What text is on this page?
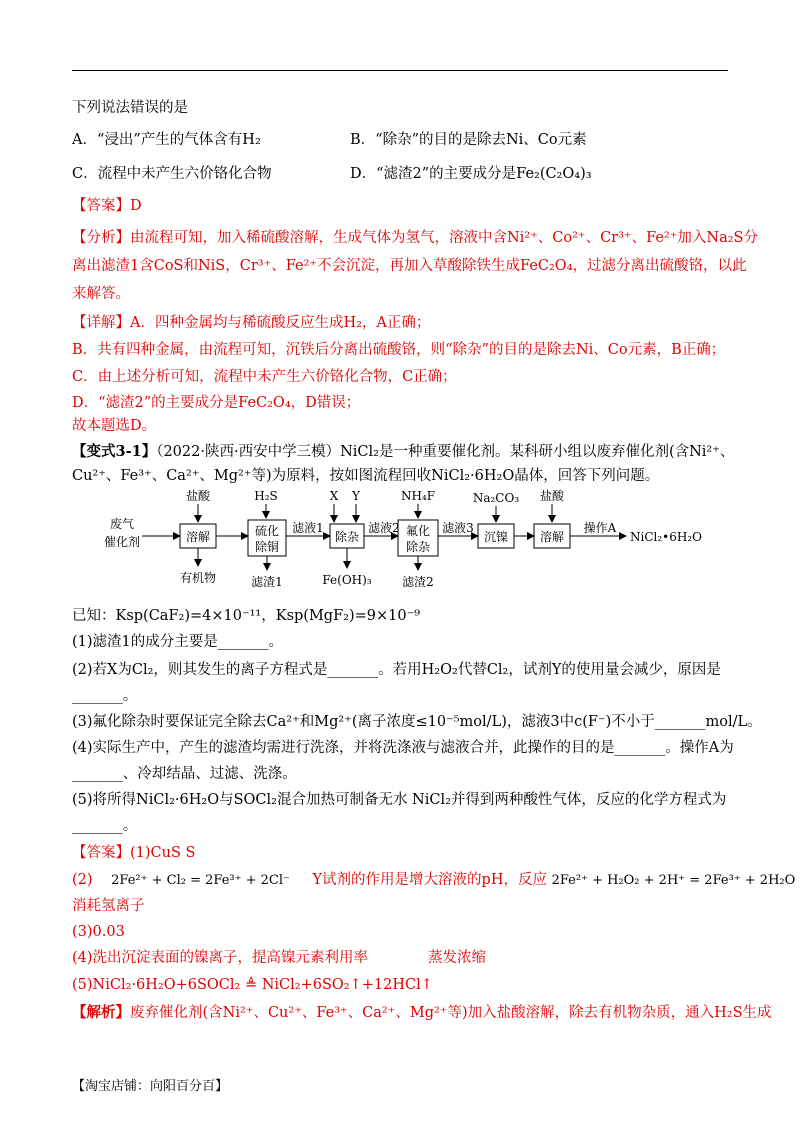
下列说法错误的是
A．“浸出”产生的气体含有H₂	B．“除杂”的目的是除去Ni、Co元素
C．流程中未产生六价铬化合物	D．“滤渣2”的主要成分是Fe₂(C₂O₄)₃
【答案】D
【分析】由流程可知，加入稀硫酸溶解，生成气体为氢气，溶液中含Ni²⁺、Co²⁺、Cr³⁺、Fe²⁺加入Na₂S分
离出滤渣1含CoS和NiS，Cr³⁺、Fe²⁺不会沉淀，再加入草酸除铁生成FeC₂O₄，过滤分离出硫酸铬，以此
来解答。
【详解】A．四种金属均与稀硫酸反应生成H₂，A正确；
B．共有四种金属，由流程可知，沉铁后分离出硫酸铬，则“除杂”的目的是除去Ni、Co元素，B正确；
C．由上述分析可知，流程中未产生六价铬化合物，C正确；
D．“滤渣2”的主要成分是FeC₂O₄，D错误；
故本题选D。
【变式3-1】（2022·陕西·西安中学三模）NiCl₂是一种重要催化剂。某科研小组以废弃催化剂(含Ni²⁺、
Cu²⁺、Fe³⁺、Ca²⁺、Mg²⁺等)为原料，按如图流程回收NiCl₂·6H₂O晶体，回答下列问题。
废气
催化剂
盐酸
溶解
有机物
H₂S
硫化
除铜
滤渣1
滤液1
X Y
除杂
Fe(OH)₃
滤液2
NH₄F
氟化
除杂
滤渣2
滤液3
Na₂CO₃
沉镍
盐酸
溶解
操作A
NiCl₂•6H₂O
已知：Ksp(CaF₂)=4×10⁻¹¹，Ksp(MgF₂)=9×10⁻⁹
(1)滤渣1的成分主要是_______。
(2)若X为Cl₂，则其发生的离子方程式是_______。若用H₂O₂代替Cl₂，试剂Y的使用量会减少，原因是
_______。
(3)氟化除杂时要保证完全除去Ca²⁺和Mg²⁺(离子浓度≤10⁻⁵mol/L)，滤液3中c(F⁻)不小于_______mol/L。
(4)实际生产中，产生的滤渣均需进行洗涤，并将洗涤液与滤液合并，此操作的目的是_______。操作A为
_______、冷却结晶、过滤、洗涤。
(5)将所得NiCl₂·6H₂O与SOCl₂混合加热可制备无水 NiCl₂并得到两种酸性气体，反应的化学方程式为
_______。
【答案】(1)CuS S
(2) 2Fe²⁺ + Cl₂ = 2Fe³⁺ + 2Cl⁻ Y试剂的作用是增大溶液的pH，反应 2Fe²⁺ + H₂O₂ + 2H⁺ = 2Fe³⁺ + 2H₂O
消耗氢离子
(3)0.03
(4)洗出沉淀表面的镍离子，提高镍元素利用率	蒸发浓缩
(5)NiCl₂·6H₂O+6SOCl₂ ≜ NiCl₂+6SO₂↑+12HCl↑
【解析】废弃催化剂(含Ni²⁺、Cu²⁺、Fe³⁺、Ca²⁺、Mg²⁺等)加入盐酸溶解，除去有机物杂质，通入H₂S生成
【淘宝店铺：向阳百分百】
